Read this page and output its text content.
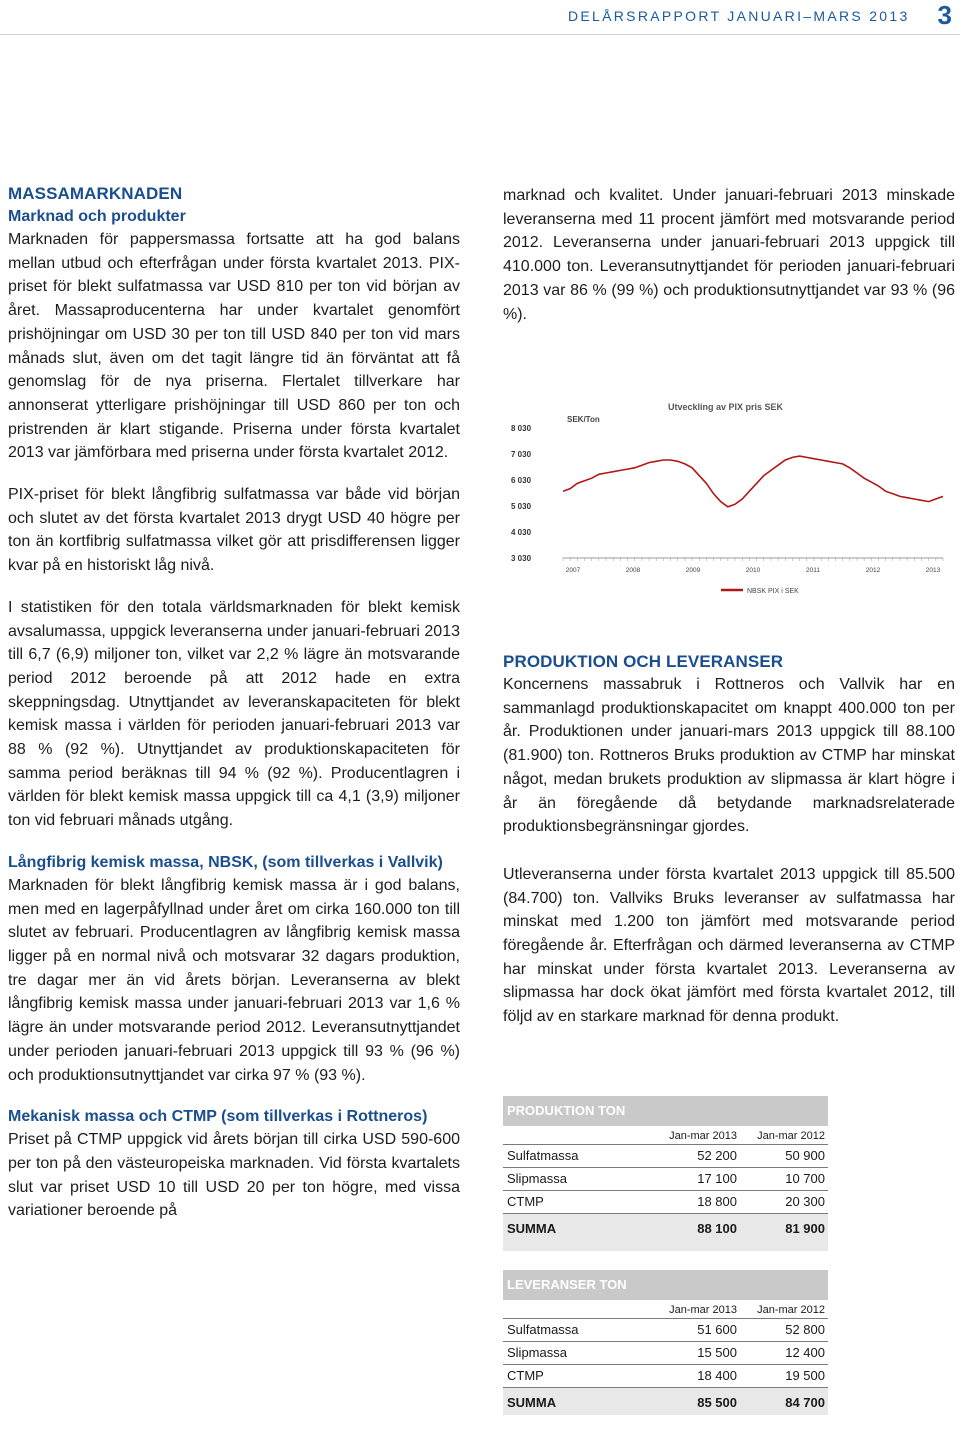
DELÅRSRAPPORT JANUARI–MARS 2013 3
MASSAMARKNADEN
Marknad och produkter

Marknaden för pappersmassa fortsatte att ha god balans mellan utbud och efterfrågan under första kvartalet 2013. PIX-priset för blekt sulfatmassa var USD 810 per ton vid början av året. Massaproducenterna har under kvartalet genomfört prishöjningar om USD 30 per ton till USD 840 per ton vid mars månads slut, även om det tagit längre tid än förväntat att få genomslag för de nya priserna. Flertalet tillverkare har annonserat ytterligare prishöjningar till USD 860 per ton och pristrenden är klart stigande. Priserna under första kvartalet 2013 var jämförbara med priserna under första kvartalet 2012.

PIX-priset för blekt långfibrig sulfatmassa var både vid början och slutet av det första kvartalet 2013 drygt USD 40 högre per ton än kortfibrig sulfatmassa vilket gör att prisdifferensen ligger kvar på en historiskt låg nivå.

I statistiken för den totala världsmarknaden för blekt kemisk avsalumassa, uppgick leveranserna under januari-februari 2013 till 6,7 (6,9) miljoner ton, vilket var 2,2 % lägre än motsvarande period 2012 beroende på att 2012 hade en extra skeppningsdag. Utnyttjandet av leveranskapaciteten för blekt kemisk massa i världen för perioden januari-februari 2013 var 88 % (92 %). Utnyttjandet av produktionskapaciteten för samma period beräknas till 94 % (92 %). Producentlagren i världen för blekt kemisk massa uppgick till ca 4,1 (3,9) miljoner ton vid februari månads utgång.

Långfibrig kemisk massa, NBSK, (som tillverkas i Vallvik)

Marknaden för blekt långfibrig kemisk massa är i god balans, men med en lagerpåfyllnad under året om cirka 160.000 ton till slutet av februari. Producentlagren av långfibrig kemisk massa ligger på en normal nivå och motsvarar 32 dagars produktion, tre dagar mer än vid årets början. Leveranserna av blekt långfibrig kemisk massa under januari-februari 2013 var 1,6 % lägre än under motsvarande period 2012. Leveransutnyttjandet under perioden januari-februari 2013 uppgick till 93 % (96 %) och produktionsutnyttjandet var cirka 97 % (93 %).

Mekanisk massa och CTMP (som tillverkas i Rottneros)

Priset på CTMP uppgick vid årets början till cirka USD 590-600 per ton på den västeuropeiska marknaden. Vid första kvartalets slut var priset USD 10 till USD 20 per ton högre, med vissa variationer beroende på

marknad och kvalitet. Under januari-februari 2013 minskade leveranserna med 11 procent jämfört med motsvarande period 2012. Leveranserna under januari-februari 2013 uppgick till 410.000 ton. Leveransutnyttjandet för perioden januari-februari 2013 var 86 % (99 %) och produktionsutnyttjandet var 93 % (96 %).

Utveckling av PIX pris SEK
SEK/Ton
8 030
7 030
6 030
5 030
4 030
3 030
2007	2008	2009	2010	2011	2012	2013
NBSK PIX i SEK
PRODUKTION OCH LEVERANSER

Koncernens massabruk i Rottneros och Vallvik har en sammanlagd produktionskapacitet om knappt 400.000 ton per år. Produktionen under januari-mars 2013 uppgick till 88.100 (81.900) ton. Rottneros Bruks produktion av CTMP har minskat något, medan brukets produktion av slipmassa är klart högre i år än föregående då betydande marknadsrelaterade produktionsbegränsningar gjordes.

Utleveranserna under första kvartalet 2013 uppgick till 85.500 (84.700) ton. Vallviks Bruks leveranser av sulfatmassa har minskat med 1.200 ton jämfört med motsvarande period föregående år. Efterfrågan och därmed leveranserna av CTMP har minskat under första kvartalet 2013. Leveranserna av slipmassa har dock ökat jämfört med första kvartalet 2012, till följd av en starkare marknad för denna produkt.

PRODUKTION TON
Jan-mar 2013	Jan-mar 2012
Sulfatmassa	52 200	50 900
Slipmassa	17 100	10 700
CTMP	18 800	20 300
SUMMA	88 100	81 900
LEVERANSER TON
Jan-mar 2013	Jan-mar 2012
Sulfatmassa	51 600	52 800
Slipmassa	15 500	12 400
CTMP	18 400	19 500
SUMMA	85 500	84 700
